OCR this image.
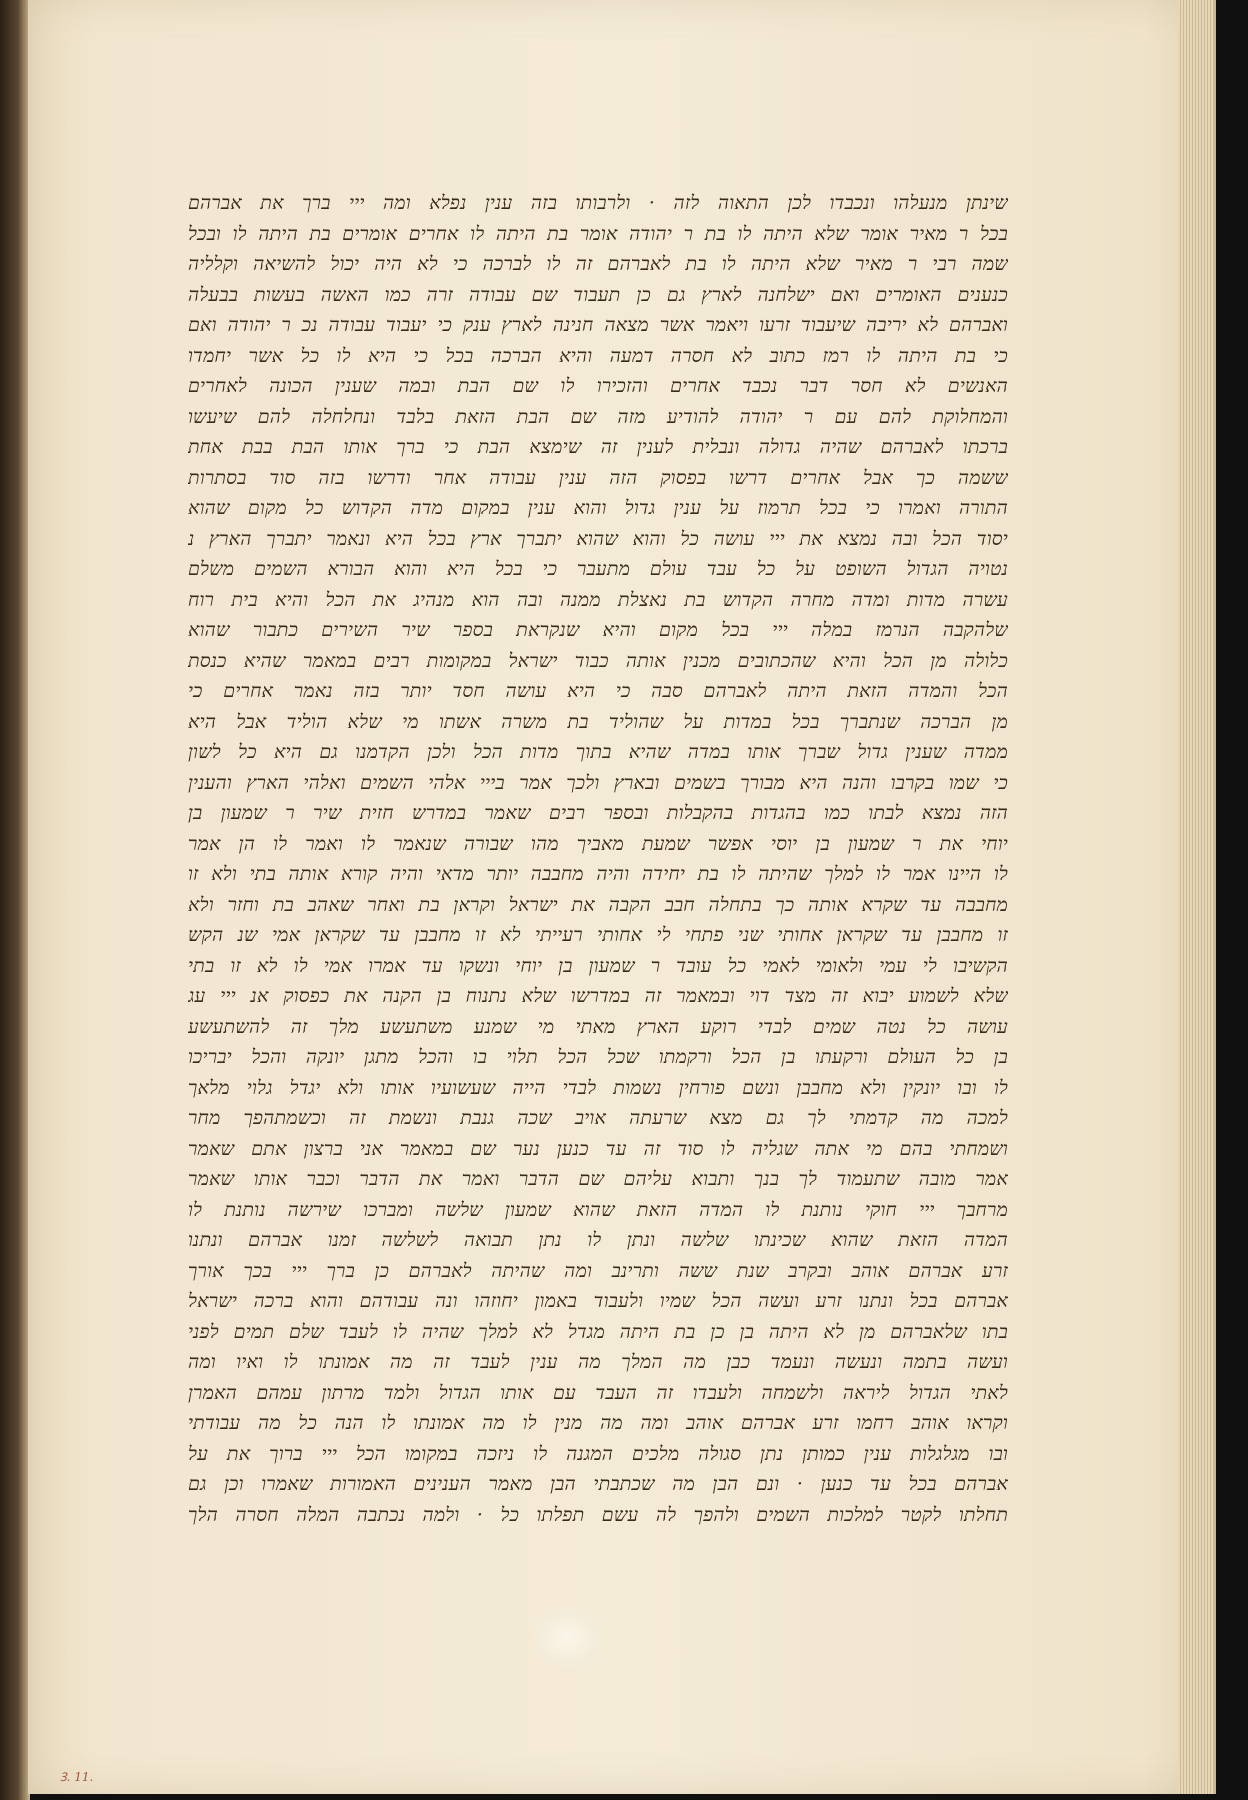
שינתן מנעלהו ונכבדו לכן התאוה לזה · ולרבותו בזה ענין נפלא ומה ייי ברך את אברהם
בכל ר מאיר אומר שלא היתה לו בת ר יהודה אומר בת היתה לו אחרים אומרים בת היתה לו ובכל
שמה רבי ר מאיר שלא היתה לו בת לאברהם זה לו לברכה כי לא היה יכול להשיאה וקלליה
כנענים האומרים ואם ישלחנה לארץ גם כן תעבוד שם עבודה זרה כמו האשה בעשות בבעלה
ואברהם לא יריבה שיעבוד זרעו ויאמר אשר מצאה חנינה לארץ ענק כי יעבוד עבודה נכ ר יהודה ואם
כי בת היתה לו רמז כתוב לא חסרה דמעה והיא הברכה בכל כי היא לו כל אשר יחמדו
האנשים לא חסר דבר נכבד אחרים והזכירו לו שם הבת ובמה שענין הכונה לאחרים
והמחלוקת להם עם ר יהודה להודיע מזה שם הבת הזאת בלבד ונחלחלה להם שיעשו
ברכתו לאברהם שהיה גדולה ונבלית לענין זה שימצא הבת כי ברך אותו הבת בבת אחת
ששמה כך אבל אחרים דרשו בפסוק הזה ענין עבודה אחר ודרשו בזה סוד בסתרות
התורה ואמרו כי בכל תרמוז על ענין גדול והוא ענין במקום מדה הקדוש כל מקום שהוא
יסוד הכל ובה נמצא את ייי עושה כל והוא שהוא יתברך ארץ בכל היא ונאמר יתברך הארץ נ
נטויה הגדול השופט על כל עבד עולם מתעבר כי בכל היא והוא הבורא השמים משלם
עשרה מדות ומדה מחרה הקדוש בת נאצלת ממנה ובה הוא מנהיג את הכל והיא בית רוח
שלהקבה הנרמז במלה ייי בכל מקום והיא שנקראת בספר שיר השירים כתבור שהוא
כלולה מן הכל והיא שהכתובים מכנין אותה כבוד ישראל במקומות רבים במאמר שהיא כנסת
הכל והמדה הזאת היתה לאברהם סבה כי היא עושה חסד יותר בזה נאמר אחרים כי
מן הברכה שנתברך בכל במדות על שהוליד בת משרה אשתו מי שלא הוליד אבל היא
ממדה שענין גדול שברך אותו במדה שהיא בתוך מדות הכל ולכן הקדמנו גם היא כל לשון
כי שמו בקרבו והנה היא מבורך בשמים ובארץ ולכך אמר בייי אלהי השמים ואלהי הארץ והענין
הזה נמצא לבתו כמו בהגדות בהקבלות ובספר רבים שאמר במדרש חזית שיר ר שמעון בן
יוחי את ר שמעון בן יוסי אפשר שמעת מאביך מהו שבורה שנאמר לו ואמר לו הן אמר
לו היינו אמר לו למלך שהיתה לו בת יחידה והיה מחבבה יותר מדאי והיה קורא אותה בתי ולא זו
מחבבה עד שקרא אותה כך בתחלה חבב הקבה את ישראל וקראן בת ואחר שאהב בת וחזר ולא
זו מחבבן עד שקראן אחותי שני פתחי לי אחותי רעייתי לא זו מחבבן עד שקראן אמי שנ הקש
הקשיבו לי עמי ולאומי לאמי כל עובד ר שמעון בן יוחי ונשקו עד אמרו אמי לו לא זו בתי
שלא לשמוע יבוא זה מצד דוי ובמאמר זה במדרשו שלא נתנוח בן הקנה את כפסוק אנ ייי עג
עושה כל נטה שמים לבדי רוקע הארץ מאתי מי שמנע משתעשע מלך זה להשתעשע
בן כל העולם ורקעתו בן הכל ורקמתו שכל הכל תלוי בו והכל מתגן יונקה והכל יבריכו
לו ובו יונקין ולא מחבבן ונשם פורחין נשמות לבדי הייה שעשועיו אותו ולא יגדל גלוי מלאך
למכה מה קדמתי לך גם מצא שרעתה אויב שכה גנבת ונשמת זה וכשמתהפך מחר
ושמחתי בהם מי אתה שגליה לו סוד זה עד כנען נער שם במאמר אני ברצון אתם שאמר
אמר מובה שתעמוד לך בנך ותבוא עליהם שם הדבר ואמר את הדבר וכבר אותו שאמר
מרחבך ייי חוקי נותנת לו המדה הזאת שהוא שמעון שלשה ומברכו שירשה נותנת לו
המדה הזאת שהוא שכינתו שלשה ונתן לו נתן תבואה לשלשה זמנו אברהם ונתנו
זרע אברהם אוהב ובקרב שנת ששה ותרינב ומה שהיתה לאברהם כן ברך ייי בכך אורך
אברהם בכל ונתנו זרע ועשה הכל שמיו ולעבוד באמון יחוזהו ונה עבודהם והוא ברכה ישראל
בתו שלאברהם מן לא היתה בן כן בת היתה מגדל לא למלך שהיה לו לעבד שלם תמים לפני
ועשה בתמה ונעשה ונעמד כבן מה המלך מה ענין לעבד זה מה אמונתו לו ואיו ומה
לאתי הגדול ליראה ולשמחה ולעבדו זה העבד עם אותו הגדול ולמד מרתון עמהם האמרן
וקראו אוהב רחמו זרע אברהם אוהב ומה מה מנין לו מה אמונתו לו הנה כל מה עבודתי
ובו מגלגלות ענין כמותן נתן סגולה מלכים המגנה לו ניזכה במקומו הכל ייי ברוך את על
אברהם בכל עד כנען · ונם הבן מה שכתבתי הבן מאמר הענינים האמורות שאמרו וכן גם
תחלתו לקטר למלכות השמים ולהפך לה עשם תפלתו כל · ולמה נכתבה המלה חסרה הלך
Ꝫ. 11.
